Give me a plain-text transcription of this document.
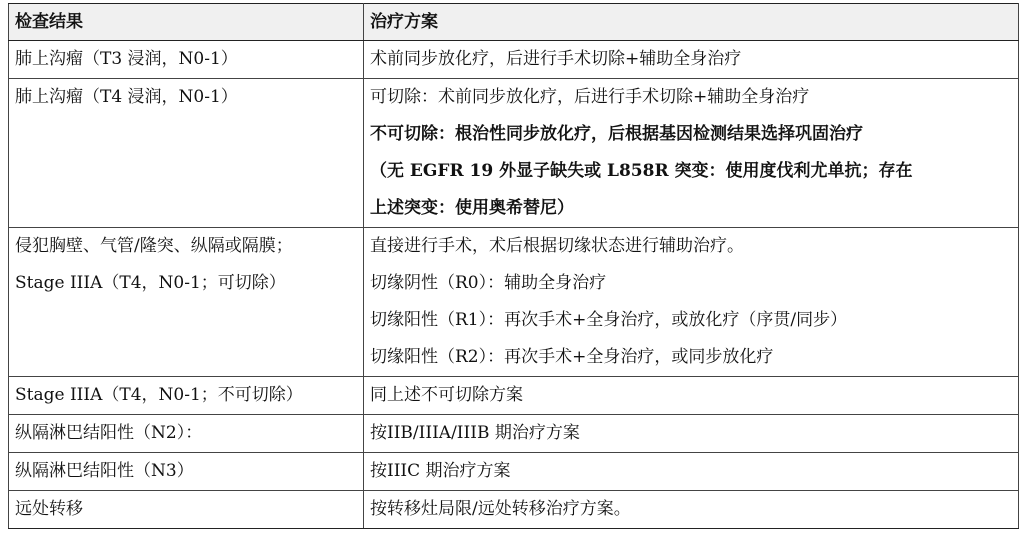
检查结果	治疗方案

肺上沟瘤（T3 浸润，N0-1）	术前同步放化疗，后进行手术切除+辅助全身治疗

肺上沟瘤（T4 浸润，N0-1）	可切除：术前同步放化疗，后进行手术切除+辅助全身治疗
不可切除：根治性同步放化疗，后根据基因检测结果选择巩固治疗
（无 EGFR 19 外显子缺失或 L858R 突变：使用度伐利尤单抗；存在
上述突变：使用奥希替尼）

侵犯胸壁、气管/隆突、纵隔或隔膜；
Stage IIIA（T4，N0-1；可切除）	直接进行手术，术后根据切缘状态进行辅助治疗。
切缘阴性（R0）：辅助全身治疗
切缘阳性（R1）：再次手术+全身治疗，或放化疗（序贯/同步）
切缘阳性（R2）：再次手术+全身治疗，或同步放化疗

Stage IIIA（T4，N0-1；不可切除）	同上述不可切除方案

纵隔淋巴结阳性（N2）：	按IIB/IIIA/IIIB 期治疗方案

纵隔淋巴结阳性（N3）	按IIIC 期治疗方案

远处转移	按转移灶局限/远处转移治疗方案。
